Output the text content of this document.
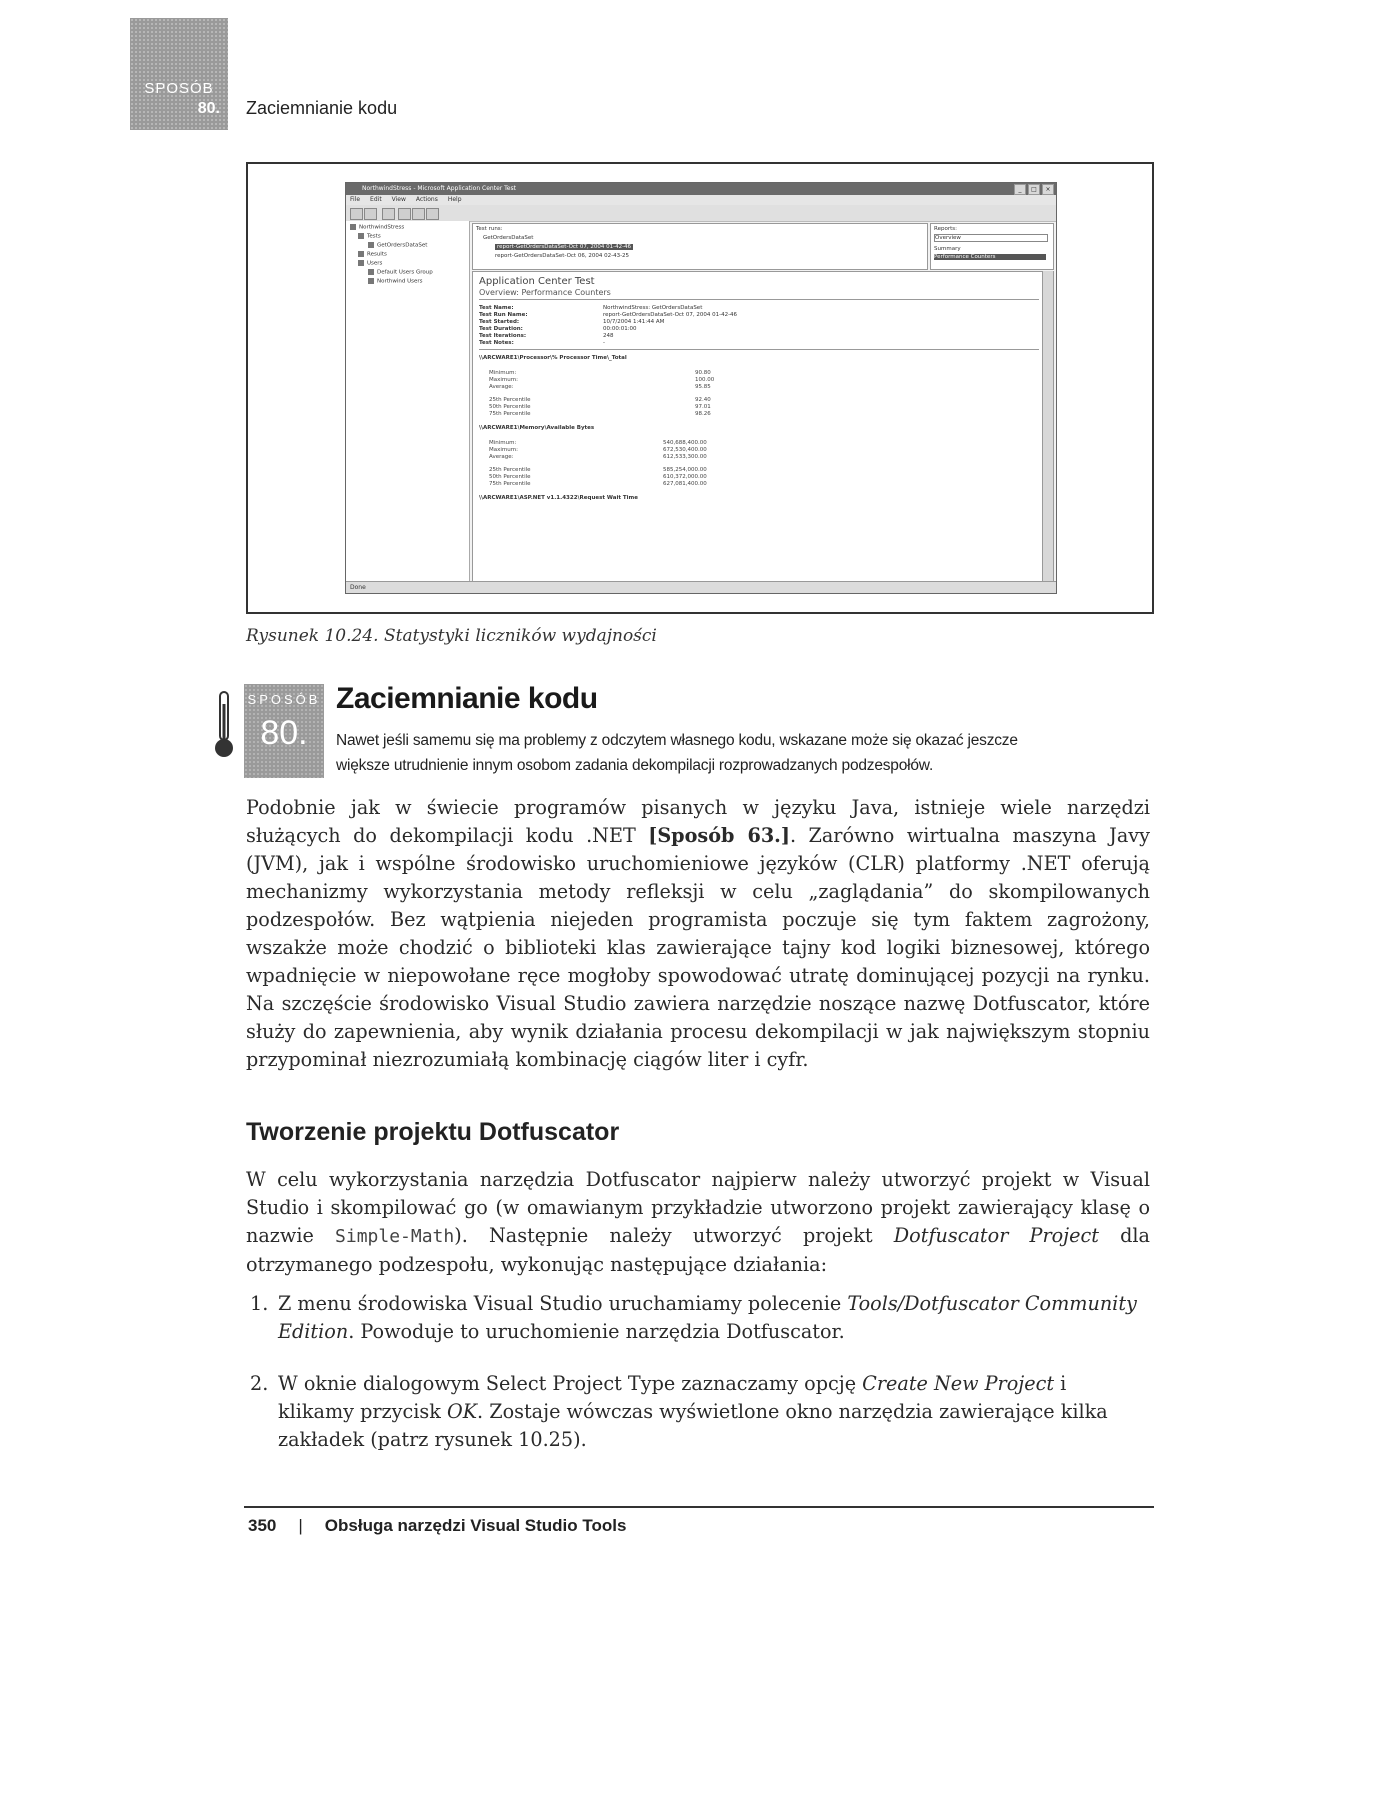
SPOSÓB
80. Zaciemnianie kodu
NorthwindStress - Microsoft Application Center Test	_	□	×
File Edit View Actions Help
NorthwindStress
Tests
GetOrdersDataSet
Results
Users
Default Users Group
Northwind Users
Test runs:
GetOrdersDataSet
report-GetOrdersDataSet-Oct 07, 2004 01-42-46
report-GetOrdersDataSet-Oct 06, 2004 02-43-25
Reports:
Overview
Summary
Performance Counters
Application Center Test
Overview: Performance Counters
Test Name:	NorthwindStress: GetOrdersDataSet
Test Run Name:	report-GetOrdersDataSet-Oct 07, 2004 01-42-46
Test Started:	10/7/2004 1:41:44 AM
Test Duration:	00:00:01:00
Test Iterations:	248
Test Notes:	-
\\ARCWARE1\Processor\% Processor Time\_Total
Minimum:	90.80
Maximum:	100.00
Average:	95.85
25th Percentile	92.40
50th Percentile	97.01
75th Percentile	98.26
\\ARCWARE1\Memory\Available Bytes
Minimum:	540,688,400.00
Maximum:	672,530,400.00
Average:	612,533,300.00
25th Percentile	585,254,000.00
50th Percentile	610,372,000.00
75th Percentile	627,081,400.00
\\ARCWARE1\ASP.NET v1.1.4322\Request Wait Time
Done
Rysunek 10.24. Statystyki liczników wydajności
SPOSÓB
80.
Zaciemnianie kodu
Nawet jeśli samemu się ma problemy z odczytem własnego kodu, wskazane może się okazać jeszcze
większe utrudnienie innym osobom zadania dekompilacji rozprowadzanych podzespołów.
Podobnie jak w świecie programów pisanych w języku Java, istnieje wiele narzędzi służących do dekompilacji kodu .NET [Sposób 63.]. Zarówno wirtualna maszyna Javy (JVM), jak i wspólne środowisko uruchomieniowe języków (CLR) platformy .NET oferują mechanizmy wykorzystania metody refleksji w celu „zaglądania” do skompilowanych podzespołów. Bez wątpienia niejeden programista poczuje się tym faktem zagrożony, wszakże może chodzić o biblioteki klas zawierające tajny kod logiki biznesowej, którego wpadnięcie w niepowołane ręce mogłoby spowodować utratę dominującej pozycji na rynku. Na szczęście środowisko Visual Studio zawiera narzędzie noszące nazwę Dotfuscator, które służy do zapewnienia, aby wynik działania procesu dekompilacji w jak największym stopniu przypominał niezrozumiałą kombinację ciągów liter i cyfr.
Tworzenie projektu Dotfuscator
W celu wykorzystania narzędzia Dotfuscator najpierw należy utworzyć projekt w Visual Studio i skompilować go (w omawianym przykładzie utworzono projekt zawierający klasę o nazwie Simple-Math). Następnie należy utworzyć projekt Dotfuscator Project dla otrzymanego podzespołu, wykonując następujące działania:
1. Z menu środowiska Visual Studio uruchamiamy polecenie Tools/Dotfuscator Community Edition. Powoduje to uruchomienie narzędzia Dotfuscator.
2. W oknie dialogowym Select Project Type zaznaczamy opcję Create New Project i klikamy przycisk OK. Zostaje wówczas wyświetlone okno narzędzia zawierające kilka zakładek (patrz rysunek 10.25).
350 | Obsługa narzędzi Visual Studio Tools
